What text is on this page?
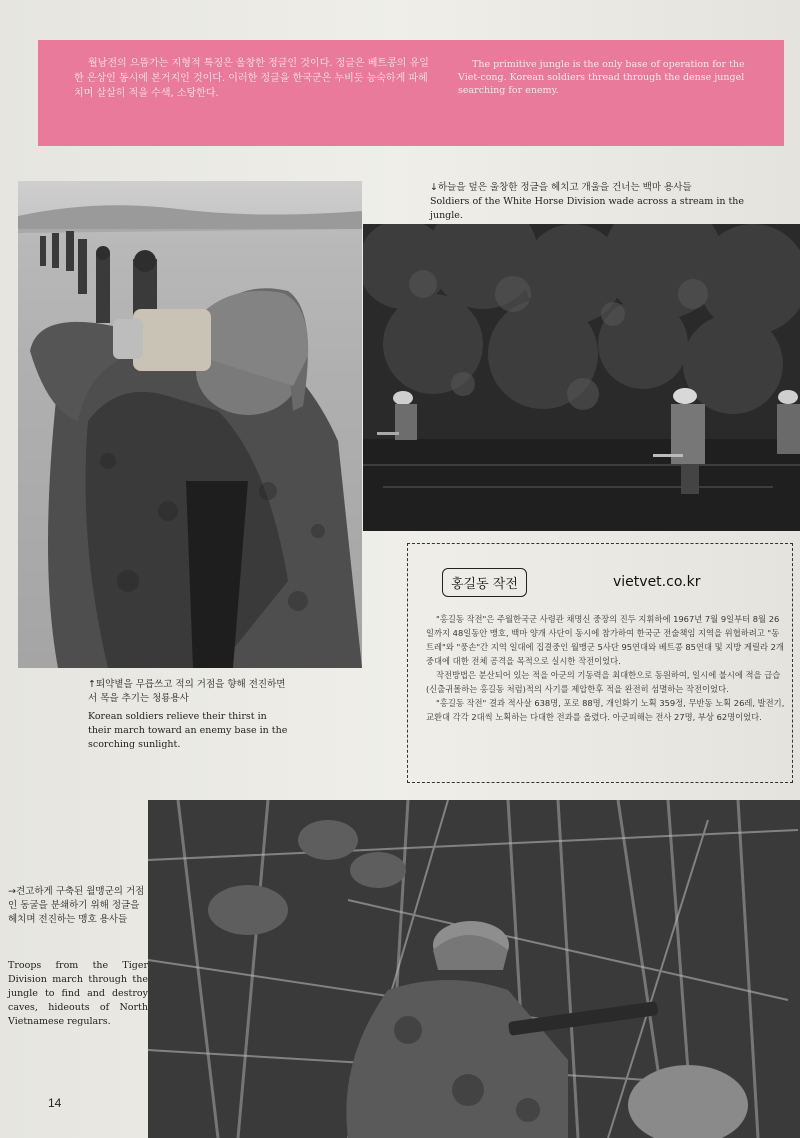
월남전의 으뜸가는 지형적 특징은 울창한 정글인 것이다. 정글은 베트콩의 유일한 은상인 동시에 본거지인 것이다. 이러한 정글을 한국군은 누비듯 능숙하게 파헤치며 살살히 적을 수색, 소탕한다.
The primitive jungle is the only base of operation for the Viet-cong. Korean soldiers thread through the dense jungel searching for enemy.
↓하늘을 덮은 울창한 정글을 헤치고 개울을 건너는 백마 용사들
Soldiers of the White Horse Division wade across a stream in the jungle.
↑뙤약볕을 무릅쓰고 적의 거점을 향해 전진하면서 목을 추기는 청룡용사
Korean soldiers relieve their thirst in their march toward an enemy base in the scorching sunlight.
홍길동 작전	vietvet.co.kr

"홍길동 작전"은 주월한국군 사령관 채명신 중장의 진두 지휘하에 1967년 7월 9일부터 8월 26일까지 48일동안 맹호, 백마 양개 사단이 동시에 참가하여 한국군 전술책임 지역을 위협하려고 "동트레"와 "풍손"간 지역 일대에 집결중인 월맹군 5사단 95연대와 베트콩 85연대 및 지방 게릴라 2개중대에 대한 전체 공격을 목적으로 실시한 작전이었다.

작전방법은 분산되어 있는 적을 아군의 기동력을 최대한으로 동원하여, 일시에 불시에 적을 급습(신출귀몰하는 홍길동 처럼)적의 사기를 제압한후 적을 완전히 섬멸하는 작전이었다.

"홍길동 작전" 결과 적사살 638명, 포로 88명, 개인화기 노획 359정, 무반동 노획 26레, 발전기, 교환대 각각 2대씩 노획하는 다대한 전과를 올렸다. 아군피해는 전사 27명, 부상 62명이었다.

→견고하게 구축된 월맹군의 거점인 동굴을 분쇄하기 위해 정글을 헤치며 전진하는 맹호 용사들
Troops from the Tiger Division march through the jungle to find and destroy caves, hideouts of North Vietnamese regulars.
14
